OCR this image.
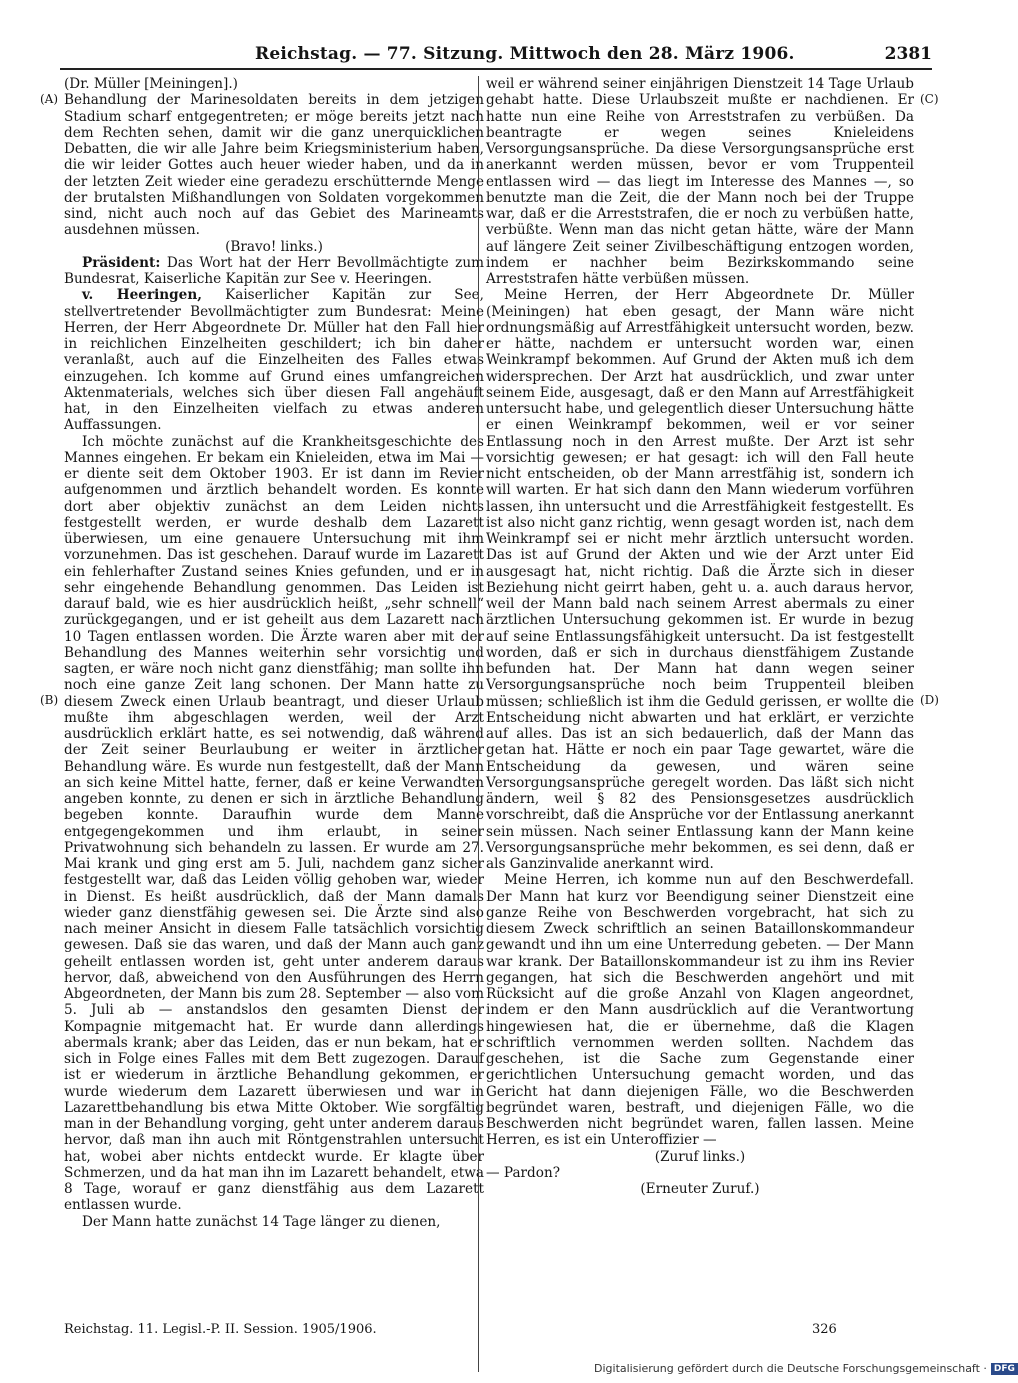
Reichstag. — 77. Sitzung. Mittwoch den 28. März 1906.	2381
(A)
(B)
(C)
(D)

(Dr. Müller [Meiningen].)

Behandlung der Marinesoldaten bereits in dem jetzigen Stadium scharf entgegentreten; er möge bereits jetzt nach dem Rechten sehen, damit wir die ganz unerquicklichen Debatten, die wir alle Jahre beim Kriegsministerium haben, die wir leider Gottes auch heuer wieder haben, und da in der letzten Zeit wieder eine geradezu erschütternde Menge der brutalsten Mißhandlungen von Soldaten vorgekommen sind, nicht auch noch auf das Gebiet des Marineamts ausdehnen müssen.

(Bravo! links.)

Präsident: Das Wort hat der Herr Bevollmächtigte zum Bundesrat, Kaiserliche Kapitän zur See v. Heeringen.

v. Heeringen, Kaiserlicher Kapitän zur See, stellvertretender Bevollmächtigter zum Bundesrat: Meine Herren, der Herr Abgeordnete Dr. Müller hat den Fall hier in reichlichen Einzelheiten geschildert; ich bin daher veranlaßt, auch auf die Einzelheiten des Falles etwas einzugehen. Ich komme auf Grund eines umfangreichen Aktenmaterials, welches sich über diesen Fall angehäuft hat, in den Einzelheiten vielfach zu etwas anderen Auffassungen.

Ich möchte zunächst auf die Krankheitsgeschichte des Mannes eingehen. Er bekam ein Knieleiden, etwa im Mai — er diente seit dem Oktober 1903. Er ist dann im Revier aufgenommen und ärztlich behandelt worden. Es konnte dort aber objektiv zunächst an dem Leiden nichts festgestellt werden, er wurde deshalb dem Lazarett überwiesen, um eine genauere Untersuchung mit ihm vorzunehmen. Das ist geschehen. Darauf wurde im Lazarett ein fehlerhafter Zustand seines Knies gefunden, und er in sehr eingehende Behandlung genommen. Das Leiden ist darauf bald, wie es hier ausdrücklich heißt, „sehr schnell“ zurückgegangen, und er ist geheilt aus dem Lazarett nach 10 Tagen entlassen worden. Die Ärzte waren aber mit der Behandlung des Mannes weiterhin sehr vorsichtig und sagten, er wäre noch nicht ganz dienstfähig; man sollte ihn noch eine ganze Zeit lang schonen. Der Mann hatte zu diesem Zweck einen Urlaub beantragt, und dieser Urlaub mußte ihm abgeschlagen werden, weil der Arzt ausdrücklich erklärt hatte, es sei notwendig, daß während der Zeit seiner Beurlaubung er weiter in ärztlicher Behandlung wäre. Es wurde nun festgestellt, daß der Mann an sich keine Mittel hatte, ferner, daß er keine Verwandten angeben konnte, zu denen er sich in ärztliche Behandlung begeben konnte. Daraufhin wurde dem Manne entgegengekommen und ihm erlaubt, in seiner Privatwohnung sich behandeln zu lassen. Er wurde am 27. Mai krank und ging erst am 5. Juli, nachdem ganz sicher festgestellt war, daß das Leiden völlig gehoben war, wieder in Dienst. Es heißt ausdrücklich, daß der Mann damals wieder ganz dienstfähig gewesen sei. Die Ärzte sind also nach meiner Ansicht in diesem Falle tatsächlich vorsichtig gewesen. Daß sie das waren, und daß der Mann auch ganz geheilt entlassen worden ist, geht unter anderem daraus hervor, daß, abweichend von den Ausführungen des Herrn Abgeordneten, der Mann bis zum 28. September — also vom 5. Juli ab — anstandslos den gesamten Dienst der Kompagnie mitgemacht hat. Er wurde dann allerdings abermals krank; aber das Leiden, das er nun bekam, hat er sich in Folge eines Falles mit dem Bett zugezogen. Darauf ist er wiederum in ärztliche Behandlung gekommen, er wurde wiederum dem Lazarett überwiesen und war in Lazarettbehandlung bis etwa Mitte Oktober. Wie sorgfältig man in der Behandlung vorging, geht unter anderem daraus hervor, daß man ihn auch mit Röntgenstrahlen untersucht hat, wobei aber nichts entdeckt wurde. Er klagte über Schmerzen, und da hat man ihn im Lazarett behandelt, etwa 8 Tage, worauf er ganz dienstfähig aus dem Lazarett entlassen wurde.

Der Mann hatte zunächst 14 Tage länger zu dienen,

weil er während seiner einjährigen Dienstzeit 14 Tage Urlaub gehabt hatte. Diese Urlaubszeit mußte er nachdienen. Er hatte nun eine Reihe von Arreststrafen zu verbüßen. Da beantragte er wegen seines Knieleidens Versorgungsansprüche. Da diese Versorgungsansprüche erst anerkannt werden müssen, bevor er vom Truppenteil entlassen wird — das liegt im Interesse des Mannes —, so benutzte man die Zeit, die der Mann noch bei der Truppe war, daß er die Arreststrafen, die er noch zu verbüßen hatte, verbüßte. Wenn man das nicht getan hätte, wäre der Mann auf längere Zeit seiner Zivilbeschäftigung entzogen worden, indem er nachher beim Bezirkskommando seine Arreststrafen hätte verbüßen müssen.

Meine Herren, der Herr Abgeordnete Dr. Müller (Meiningen) hat eben gesagt, der Mann wäre nicht ordnungsmäßig auf Arrestfähigkeit untersucht worden, bezw. er hätte, nachdem er untersucht worden war, einen Weinkrampf bekommen. Auf Grund der Akten muß ich dem widersprechen. Der Arzt hat ausdrücklich, und zwar unter seinem Eide, ausgesagt, daß er den Mann auf Arrestfähigkeit untersucht habe, und gelegentlich dieser Untersuchung hätte er einen Weinkrampf bekommen, weil er vor seiner Entlassung noch in den Arrest mußte. Der Arzt ist sehr vorsichtig gewesen; er hat gesagt: ich will den Fall heute nicht entscheiden, ob der Mann arrestfähig ist, sondern ich will warten. Er hat sich dann den Mann wiederum vorführen lassen, ihn untersucht und die Arrestfähigkeit festgestellt. Es ist also nicht ganz richtig, wenn gesagt worden ist, nach dem Weinkrampf sei er nicht mehr ärztlich untersucht worden. Das ist auf Grund der Akten und wie der Arzt unter Eid ausgesagt hat, nicht richtig. Daß die Ärzte sich in dieser Beziehung nicht geirrt haben, geht u. a. auch daraus hervor, weil der Mann bald nach seinem Arrest abermals zu einer ärztlichen Untersuchung gekommen ist. Er wurde in bezug auf seine Entlassungsfähigkeit untersucht. Da ist festgestellt worden, daß er sich in durchaus dienstfähigem Zustande befunden hat. Der Mann hat dann wegen seiner Versorgungsansprüche noch beim Truppenteil bleiben müssen; schließlich ist ihm die Geduld gerissen, er wollte die Entscheidung nicht abwarten und hat erklärt, er verzichte auf alles. Das ist an sich bedauerlich, daß der Mann das getan hat. Hätte er noch ein paar Tage gewartet, wäre die Entscheidung da gewesen, und wären seine Versorgungsansprüche geregelt worden. Das läßt sich nicht ändern, weil § 82 des Pensionsgesetzes ausdrücklich vorschreibt, daß die Ansprüche vor der Entlassung anerkannt sein müssen. Nach seiner Entlassung kann der Mann keine Versorgungsansprüche mehr bekommen, es sei denn, daß er als Ganzinvalide anerkannt wird.

Meine Herren, ich komme nun auf den Beschwerdefall. Der Mann hat kurz vor Beendigung seiner Dienstzeit eine ganze Reihe von Beschwerden vorgebracht, hat sich zu diesem Zweck schriftlich an seinen Bataillonskommandeur gewandt und ihn um eine Unterredung gebeten. — Der Mann war krank. Der Bataillonskommandeur ist zu ihm ins Revier gegangen, hat sich die Beschwerden angehört und mit Rücksicht auf die große Anzahl von Klagen angeordnet, indem er den Mann ausdrücklich auf die Verantwortung hingewiesen hat, die er übernehme, daß die Klagen schriftlich vernommen werden sollten. Nachdem das geschehen, ist die Sache zum Gegenstande einer gerichtlichen Untersuchung gemacht worden, und das Gericht hat dann diejenigen Fälle, wo die Beschwerden begründet waren, bestraft, und diejenigen Fälle, wo die Beschwerden nicht begründet waren, fallen lassen. Meine Herren, es ist ein Unteroffizier —

(Zuruf links.)

— Pardon?

(Erneuter Zuruf.)

Reichstag. 11. Legisl.-P. II. Session. 1905/1906.	326
Digitalisierung gefördert durch die Deutsche Forschungsgemeinschaft · DFG
